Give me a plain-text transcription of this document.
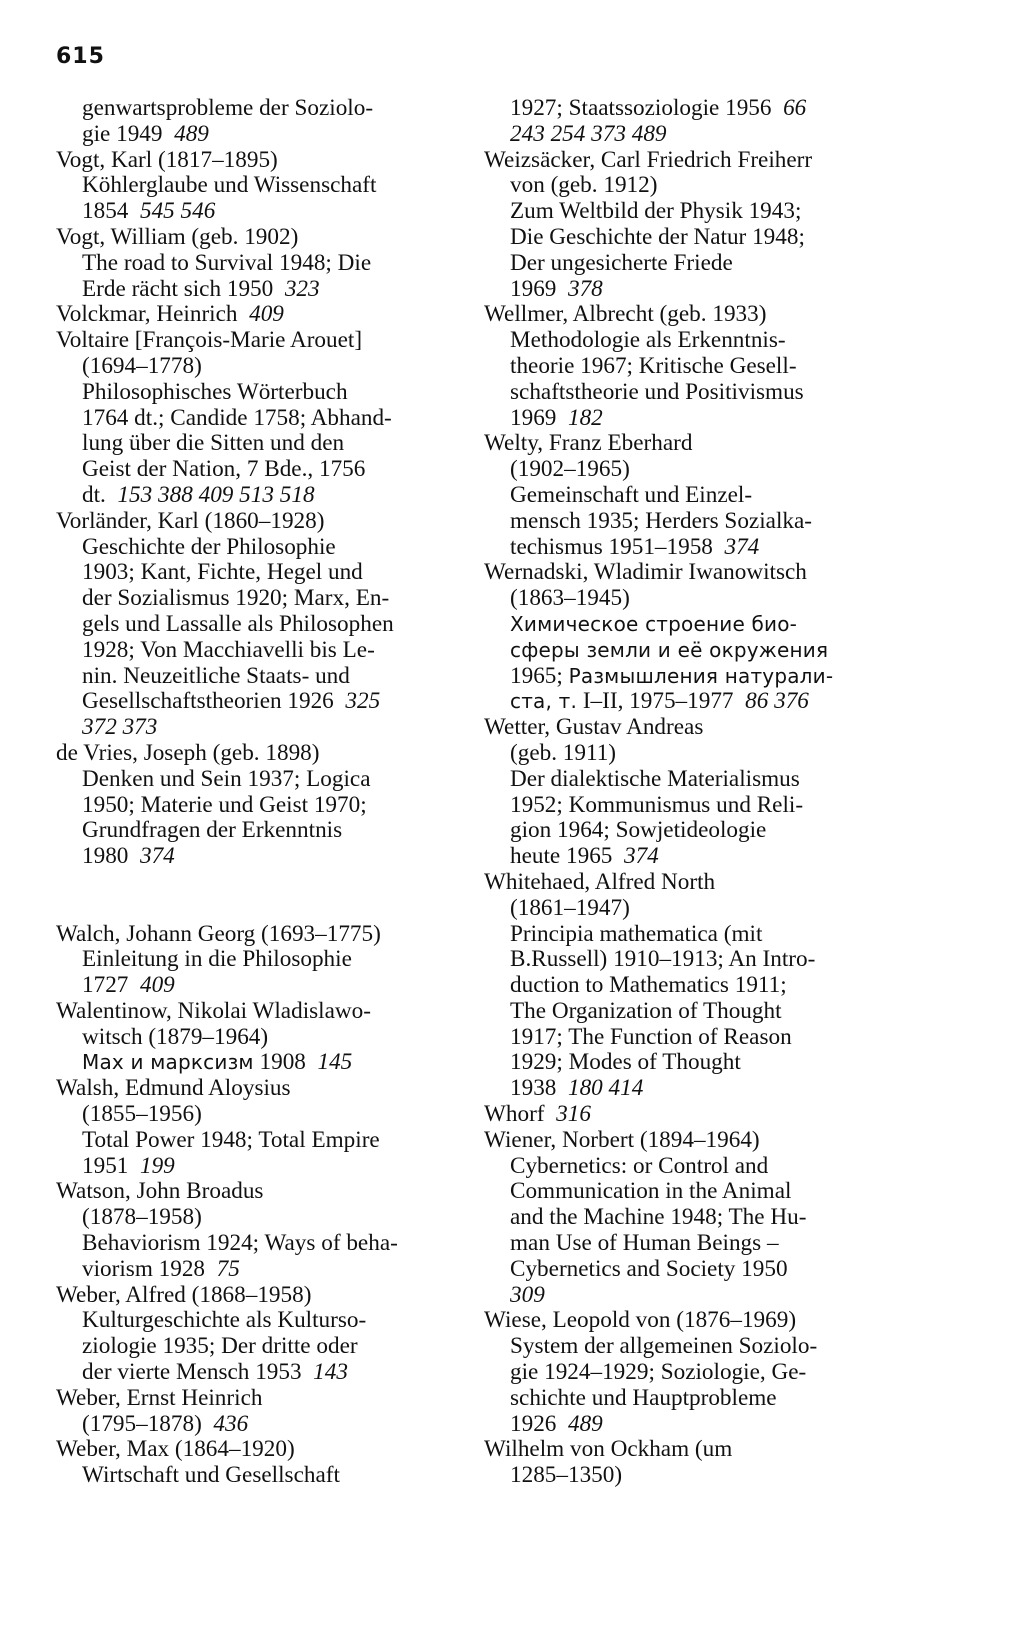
615
genwartsprobleme der Soziolo-
gie 1949  489
Vogt, Karl (1817–1895)
Köhlerglaube und Wissenschaft
1854  545 546
Vogt, William (geb. 1902)
The road to Survival 1948; Die
Erde rächt sich 1950  323
Volckmar, Heinrich  409
Voltaire [François-Marie Arouet]
(1694–1778)
Philosophisches Wörterbuch
1764 dt.; Candide 1758; Abhand-
lung über die Sitten und den
Geist der Nation, 7 Bde., 1756
dt.  153 388 409 513 518
Vorländer, Karl (1860–1928)
Geschichte der Philosophie
1903; Kant, Fichte, Hegel und
der Sozialismus 1920; Marx, En-
gels und Lassalle als Philosophen
1928; Von Macchiavelli bis Le-
nin. Neuzeitliche Staats- und
Gesellschaftstheorien 1926  325
372 373
de Vries, Joseph (geb. 1898)
Denken und Sein 1937; Logica
1950; Materie und Geist 1970;
Grundfragen der Erkenntnis
1980  374
Walch, Johann Georg (1693–1775)
Einleitung in die Philosophie
1727  409
Walentinow, Nikolai Wladislawo-
witsch (1879–1964)
Мах и марксизм 1908  145
Walsh, Edmund Aloysius
(1855–1956)
Total Power 1948; Total Empire
1951  199
Watson, John Broadus
(1878–1958)
Behaviorism 1924; Ways of beha-
viorism 1928  75
Weber, Alfred (1868–1958)
Kulturgeschichte als Kulturso-
ziologie 1935; Der dritte oder
der vierte Mensch 1953  143
Weber, Ernst Heinrich
(1795–1878)  436
Weber, Max (1864–1920)
Wirtschaft und Gesellschaft
1927; Staatssoziologie 1956  66
243 254 373 489
Weizsäcker, Carl Friedrich Freiherr
von (geb. 1912)
Zum Weltbild der Physik 1943;
Die Geschichte der Natur 1948;
Der ungesicherte Friede
1969  378
Wellmer, Albrecht (geb. 1933)
Methodologie als Erkenntnis-
theorie 1967; Kritische Gesell-
schaftstheorie und Positivismus
1969  182
Welty, Franz Eberhard
(1902–1965)
Gemeinschaft und Einzel-
mensch 1935; Herders Sozialka-
techismus 1951–1958  374
Wernadski, Wladimir Iwanowitsch
(1863–1945)
Химическое строение био-
сферы земли и её окружения
1965; Размышления натурали-
ста, т. I–II, 1975–1977  86 376
Wetter, Gustav Andreas
(geb. 1911)
Der dialektische Materialismus
1952; Kommunismus und Reli-
gion 1964; Sowjetideologie
heute 1965  374
Whitehaed, Alfred North
(1861–1947)
Principia mathematica (mit
B.Russell) 1910–1913; An Intro-
duction to Mathematics 1911;
The Organization of Thought
1917; The Function of Reason
1929; Modes of Thought
1938  180 414
Whorf  316
Wiener, Norbert (1894–1964)
Cybernetics: or Control and
Communication in the Animal
and the Machine 1948; The Hu-
man Use of Human Beings –
Cybernetics and Society 1950
309
Wiese, Leopold von (1876–1969)
System der allgemeinen Soziolo-
gie 1924–1929; Soziologie, Ge-
schichte und Hauptprobleme
1926  489
Wilhelm von Ockham (um
1285–1350)
